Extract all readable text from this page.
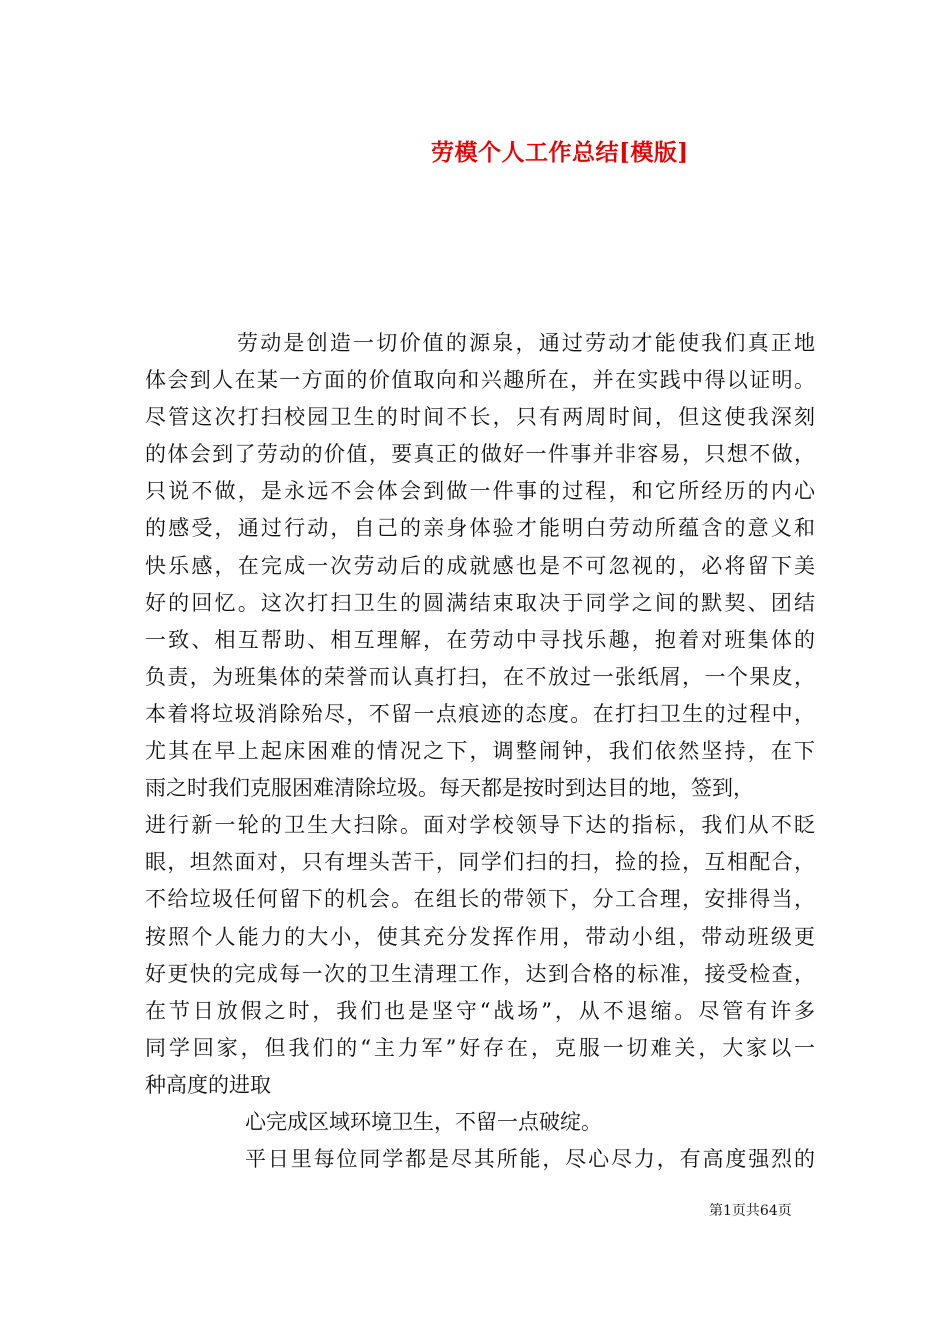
劳模个人工作总结[模版]

劳动是创造一切价值的源泉，通过劳动才能使我们真正地

体会到人在某一方面的价值取向和兴趣所在，并在实践中得以证明。

尽管这次打扫校园卫生的时间不长，只有两周时间，但这使我深刻

的体会到了劳动的价值，要真正的做好一件事并非容易，只想不做，

只说不做，是永远不会体会到做一件事的过程，和它所经历的内心

的感受，通过行动，自己的亲身体验才能明白劳动所蕴含的意义和

快乐感，在完成一次劳动后的成就感也是不可忽视的，必将留下美

好的回忆。这次打扫卫生的圆满结束取决于同学之间的默契、团结

一致、相互帮助、相互理解，在劳动中寻找乐趣，抱着对班集体的

负责，为班集体的荣誉而认真打扫，在不放过一张纸屑，一个果皮，

本着将垃圾消除殆尽，不留一点痕迹的态度。在打扫卫生的过程中，

尤其在早上起床困难的情况之下，调整闹钟，我们依然坚持，在下

雨之时我们克服困难清除垃圾。每天都是按时到达目的地，签到，

进行新一轮的卫生大扫除。面对学校领导下达的指标，我们从不眨

眼，坦然面对，只有埋头苦干，同学们扫的扫，捡的捡，互相配合，

不给垃圾任何留下的机会。在组长的带领下，分工合理，安排得当，

按照个人能力的大小，使其充分发挥作用，带动小组，带动班级更

好更快的完成每一次的卫生清理工作，达到合格的标准，接受检查，

在节日放假之时，我们也是坚守“战场”，从不退缩。尽管有许多

同学回家，但我们的“主力军”好存在，克服一切难关，大家以一

种高度的进取

心完成区域环境卫生，不留一点破绽。

平日里每位同学都是尽其所能，尽心尽力，有高度强烈的

第1页共64页
